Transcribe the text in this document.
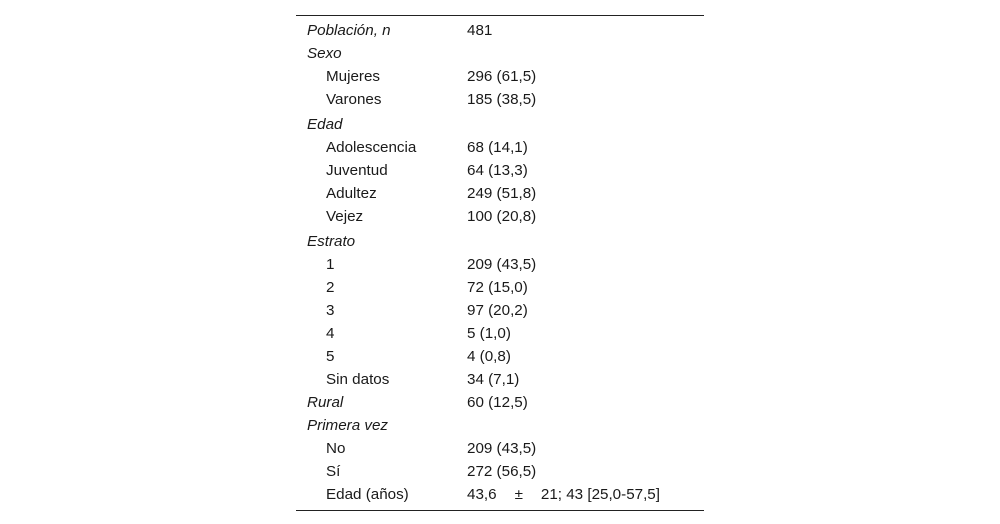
Población, n	481
Sexo
Mujeres	296 (61,5)
Varones	185 (38,5)
Edad
Adolescencia	68 (14,1)
Juventud	64 (13,3)
Adultez	249 (51,8)
Vejez	100 (20,8)
Estrato
1	209 (43,5)
2	72 (15,0)
3	97 (20,2)
4	5 (1,0)
5	4 (0,8)
Sin datos	34 (7,1)
Rural	60 (12,5)
Primera vez
No	209 (43,5)
Sí	272 (56,5)
Edad (años)	43,6 ± 21; 43 [25,0-57,5]
